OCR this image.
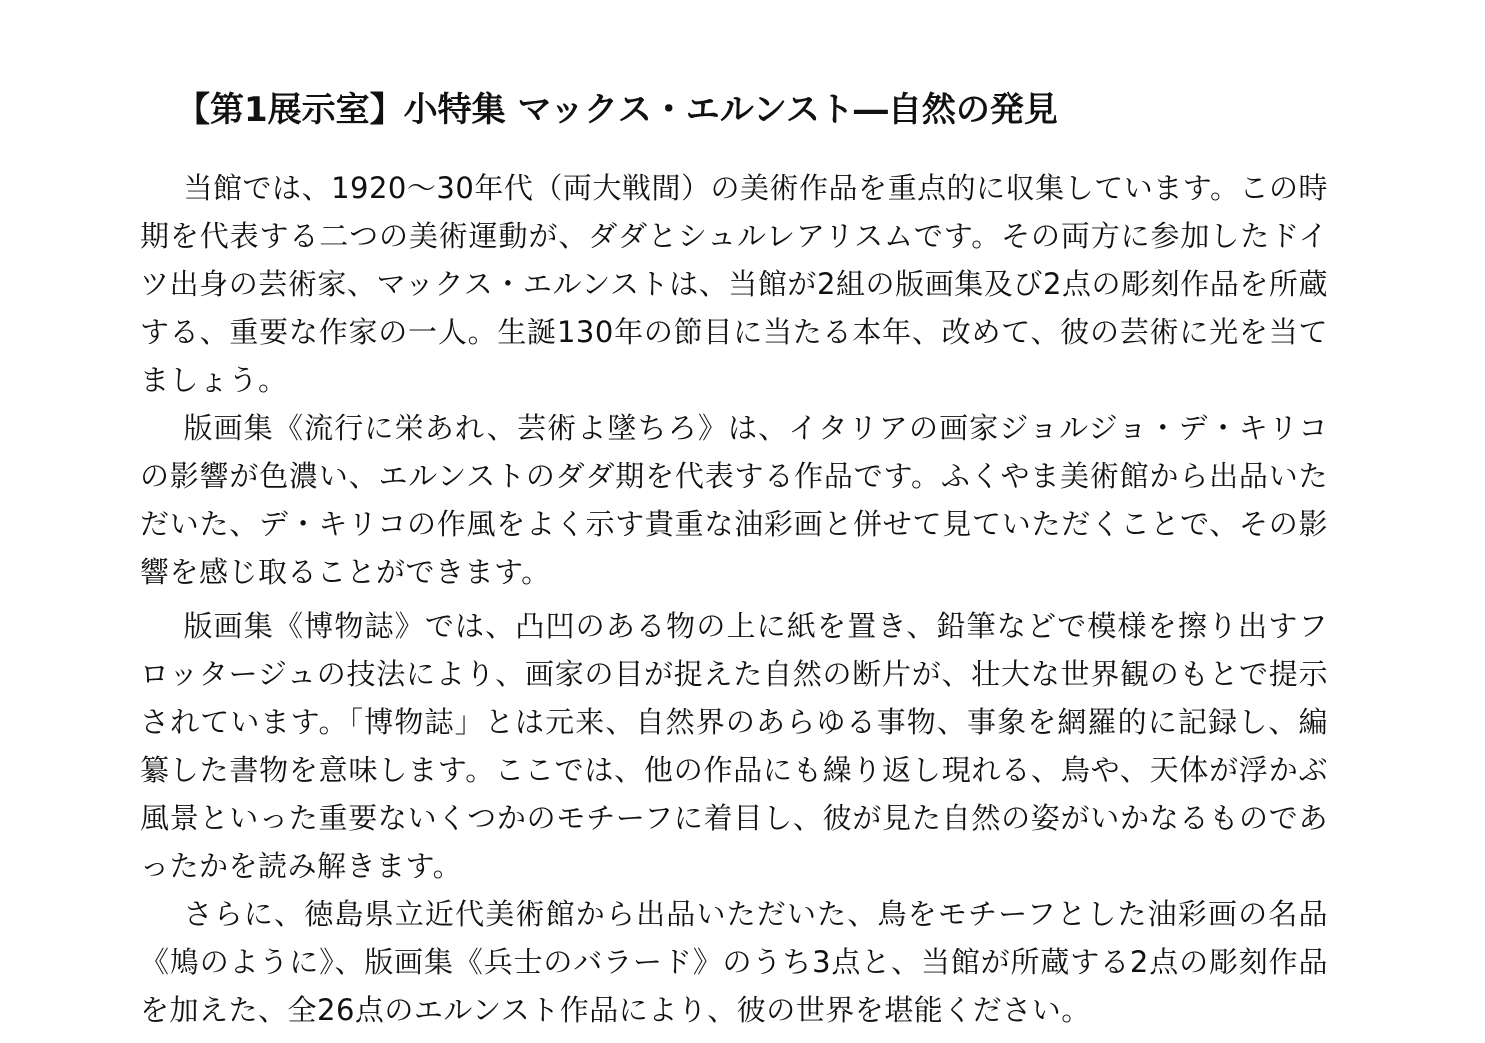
【第1展示室】小特集 マックス・エルンスト―自然の発見

当館では、1920～30年代（両大戦間）の美術作品を重点的に収集しています。この時期を代表する二つの美術運動が、ダダとシュルレアリスムです。その両方に参加したドイツ出身の芸術家、マックス・エルンストは、当館が2組の版画集及び2点の彫刻作品を所蔵する、重要な作家の一人。生誕130年の節目に当たる本年、改めて、彼の芸術に光を当てましょう。

版画集《流行に栄あれ、芸術よ墜ちろ》は、イタリアの画家ジョルジョ・デ・キリコの影響が色濃い、エルンストのダダ期を代表する作品です。ふくやま美術館から出品いただいた、デ・キリコの作風をよく示す貴重な油彩画と併せて見ていただくことで、その影響を感じ取ることができます。

版画集《博物誌》では、凸凹のある物の上に紙を置き、鉛筆などで模様を擦り出すフロッタージュの技法により、画家の目が捉えた自然の断片が、壮大な世界観のもとで提示されています。「博物誌」とは元来、自然界のあらゆる事物、事象を網羅的に記録し、編纂した書物を意味します。ここでは、他の作品にも繰り返し現れる、鳥や、天体が浮かぶ風景といった重要ないくつかのモチーフに着目し、彼が見た自然の姿がいかなるものであったかを読み解きます。

さらに、徳島県立近代美術館から出品いただいた、鳥をモチーフとした油彩画の名品《鳩のように》、版画集《兵士のバラード》のうち3点と、当館が所蔵する2点の彫刻作品を加えた、全26点のエルンスト作品により、彼の世界を堪能ください。
